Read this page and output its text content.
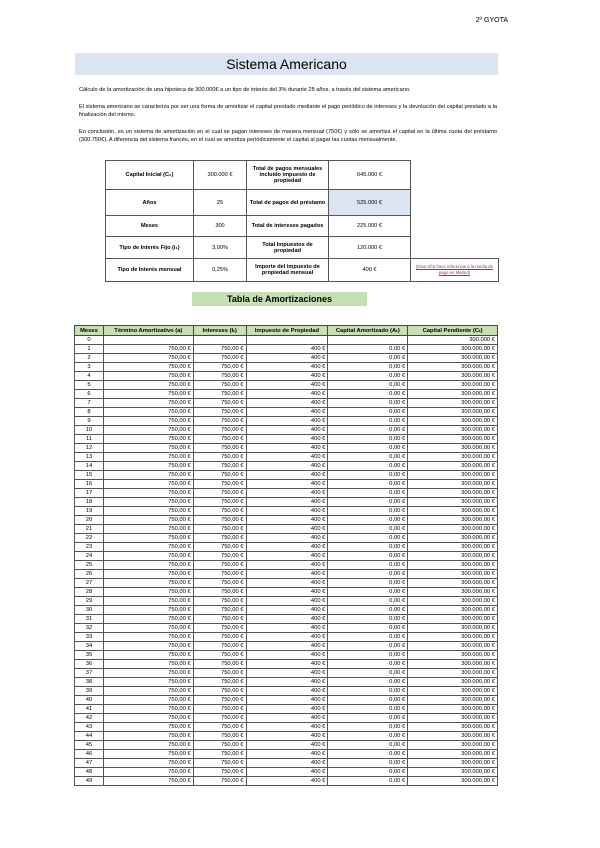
2º GYOTA
Sistema Americano
Cálculo de la amortización de una hipoteca de 300.000€ a un tipo de interés del 3% durante 25 años, a través del sistema americano.
El sistema americano se caracteriza por ser una forma de amortizar el capital prestado mediante el pago periódico de intereses y la devolución del capital prestado a la finalización del mismo.
En conclusión, es un sistema de amortización en el cual se pagan intereses de manera mensual (750€) y sólo se amortiza el capital en la última cuota del préstamo (300.750€). A diferencia del sistema francés, en el cual se amortiza periódicamente el capital al pagar las cuotas mensualmente.
Capital Inicial (C₀)	300.000 €	Total de pagos mensuales incluido impuesto de propiedad	645.000 €	
Años	25	Total de pagos del préstamo	525.000 €	
Meses	300	Total de intereses pagados	225.000 €	
Tipo de Interés Fijo (i₁)	3,00%	Total Impuestos de propiedad	120.000 €	
Tipo de Interés mensual	0,25%	Importe del impuesto de propiedad mensual	400 €	(Esta cifra hace referencia a la media de pago en Madrid)
Tabla de Amortizaciones
Meses	Término Amortizativo (a)	Intereses (Iₜ)	Impuesto de Propiedad	Capital Amortizado (Aₜ)	Capital Pendiente (Cₜ)
0					300.000 €
1	750,00 €	750,00 €	400 €	0,00 €	300.000,00 €
2	750,00 €	750,00 €	400 €	0,00 €	300.000,00 €
3	750,00 €	750,00 €	400 €	0,00 €	300.000,00 €
4	750,00 €	750,00 €	400 €	0,00 €	300.000,00 €
5	750,00 €	750,00 €	400 €	0,00 €	300.000,00 €
6	750,00 €	750,00 €	400 €	0,00 €	300.000,00 €
7	750,00 €	750,00 €	400 €	0,00 €	300.000,00 €
8	750,00 €	750,00 €	400 €	0,00 €	300.000,00 €
9	750,00 €	750,00 €	400 €	0,00 €	300.000,00 €
10	750,00 €	750,00 €	400 €	0,00 €	300.000,00 €
11	750,00 €	750,00 €	400 €	0,00 €	300.000,00 €
12	750,00 €	750,00 €	400 €	0,00 €	300.000,00 €
13	750,00 €	750,00 €	400 €	0,00 €	300.000,00 €
14	750,00 €	750,00 €	400 €	0,00 €	300.000,00 €
15	750,00 €	750,00 €	400 €	0,00 €	300.000,00 €
16	750,00 €	750,00 €	400 €	0,00 €	300.000,00 €
17	750,00 €	750,00 €	400 €	0,00 €	300.000,00 €
18	750,00 €	750,00 €	400 €	0,00 €	300.000,00 €
19	750,00 €	750,00 €	400 €	0,00 €	300.000,00 €
20	750,00 €	750,00 €	400 €	0,00 €	300.000,00 €
21	750,00 €	750,00 €	400 €	0,00 €	300.000,00 €
22	750,00 €	750,00 €	400 €	0,00 €	300.000,00 €
23	750,00 €	750,00 €	400 €	0,00 €	300.000,00 €
24	750,00 €	750,00 €	400 €	0,00 €	300.000,00 €
25	750,00 €	750,00 €	400 €	0,00 €	300.000,00 €
26	750,00 €	750,00 €	400 €	0,00 €	300.000,00 €
27	750,00 €	750,00 €	400 €	0,00 €	300.000,00 €
28	750,00 €	750,00 €	400 €	0,00 €	300.000,00 €
29	750,00 €	750,00 €	400 €	0,00 €	300.000,00 €
30	750,00 €	750,00 €	400 €	0,00 €	300.000,00 €
31	750,00 €	750,00 €	400 €	0,00 €	300.000,00 €
32	750,00 €	750,00 €	400 €	0,00 €	300.000,00 €
33	750,00 €	750,00 €	400 €	0,00 €	300.000,00 €
34	750,00 €	750,00 €	400 €	0,00 €	300.000,00 €
35	750,00 €	750,00 €	400 €	0,00 €	300.000,00 €
36	750,00 €	750,00 €	400 €	0,00 €	300.000,00 €
37	750,00 €	750,00 €	400 €	0,00 €	300.000,00 €
38	750,00 €	750,00 €	400 €	0,00 €	300.000,00 €
39	750,00 €	750,00 €	400 €	0,00 €	300.000,00 €
40	750,00 €	750,00 €	400 €	0,00 €	300.000,00 €
41	750,00 €	750,00 €	400 €	0,00 €	300.000,00 €
42	750,00 €	750,00 €	400 €	0,00 €	300.000,00 €
43	750,00 €	750,00 €	400 €	0,00 €	300.000,00 €
44	750,00 €	750,00 €	400 €	0,00 €	300.000,00 €
45	750,00 €	750,00 €	400 €	0,00 €	300.000,00 €
46	750,00 €	750,00 €	400 €	0,00 €	300.000,00 €
47	750,00 €	750,00 €	400 €	0,00 €	300.000,00 €
48	750,00 €	750,00 €	400 €	0,00 €	300.000,00 €
49	750,00 €	750,00 €	400 €	0,00 €	300.000,00 €
